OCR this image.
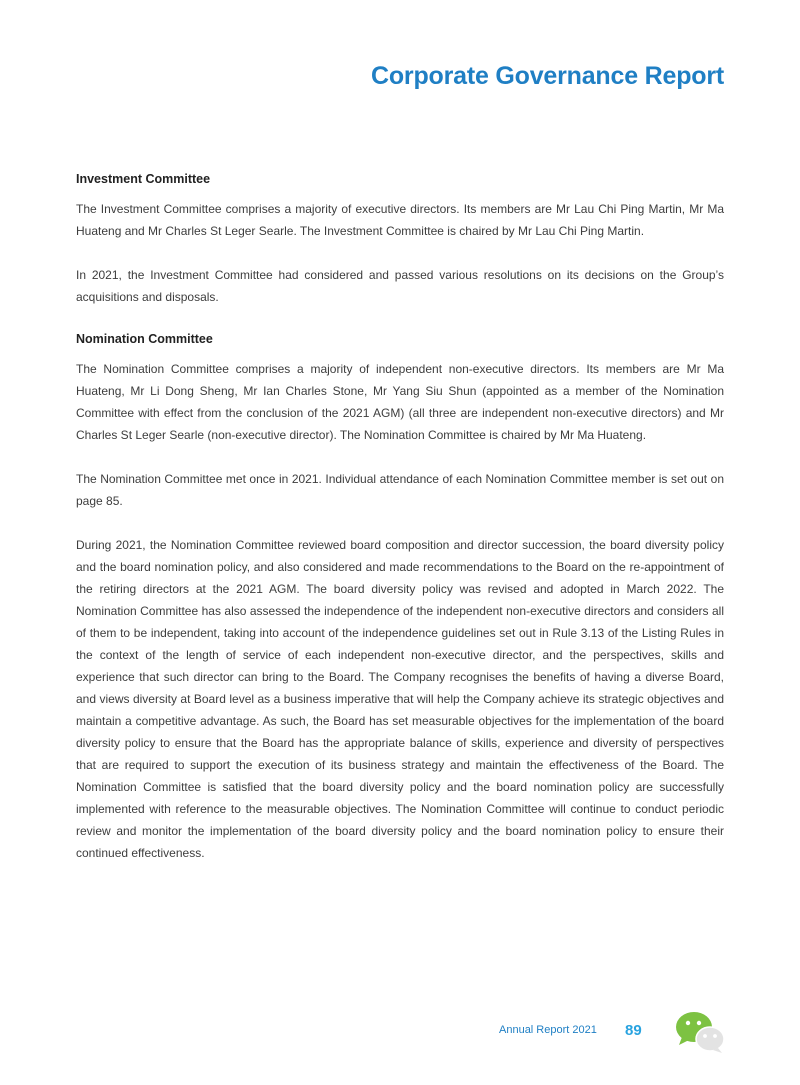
Corporate Governance Report
Investment Committee

The Investment Committee comprises a majority of executive directors. Its members are Mr Lau Chi Ping Martin, Mr Ma Huateng and Mr Charles St Leger Searle. The Investment Committee is chaired by Mr Lau Chi Ping Martin.

In 2021, the Investment Committee had considered and passed various resolutions on its decisions on the Group’s acquisitions and disposals.

Nomination Committee

The Nomination Committee comprises a majority of independent non-executive directors. Its members are Mr Ma Huateng, Mr Li Dong Sheng, Mr Ian Charles Stone, Mr Yang Siu Shun (appointed as a member of the Nomination Committee with effect from the conclusion of the 2021 AGM) (all three are independent non-executive directors) and Mr Charles St Leger Searle (non-executive director). The Nomination Committee is chaired by Mr Ma Huateng.

The Nomination Committee met once in 2021. Individual attendance of each Nomination Committee member is set out on page 85.

During 2021, the Nomination Committee reviewed board composition and director succession, the board diversity policy and the board nomination policy, and also considered and made recommendations to the Board on the re-appointment of the retiring directors at the 2021 AGM. The board diversity policy was revised and adopted in March 2022. The Nomination Committee has also assessed the independence of the independent non-executive directors and considers all of them to be independent, taking into account of the independence guidelines set out in Rule 3.13 of the Listing Rules in the context of the length of service of each independent non-executive director, and the perspectives, skills and experience that such director can bring to the Board. The Company recognises the benefits of having a diverse Board, and views diversity at Board level as a business imperative that will help the Company achieve its strategic objectives and maintain a competitive advantage. As such, the Board has set measurable objectives for the implementation of the board diversity policy to ensure that the Board has the appropriate balance of skills, experience and diversity of perspectives that are required to support the execution of its business strategy and maintain the effectiveness of the Board. The Nomination Committee is satisfied that the board diversity policy and the board nomination policy are successfully implemented with reference to the measurable objectives. The Nomination Committee will continue to conduct periodic review and monitor the implementation of the board diversity policy and the board nomination policy to ensure their continued effectiveness.

Annual Report 2021 89
